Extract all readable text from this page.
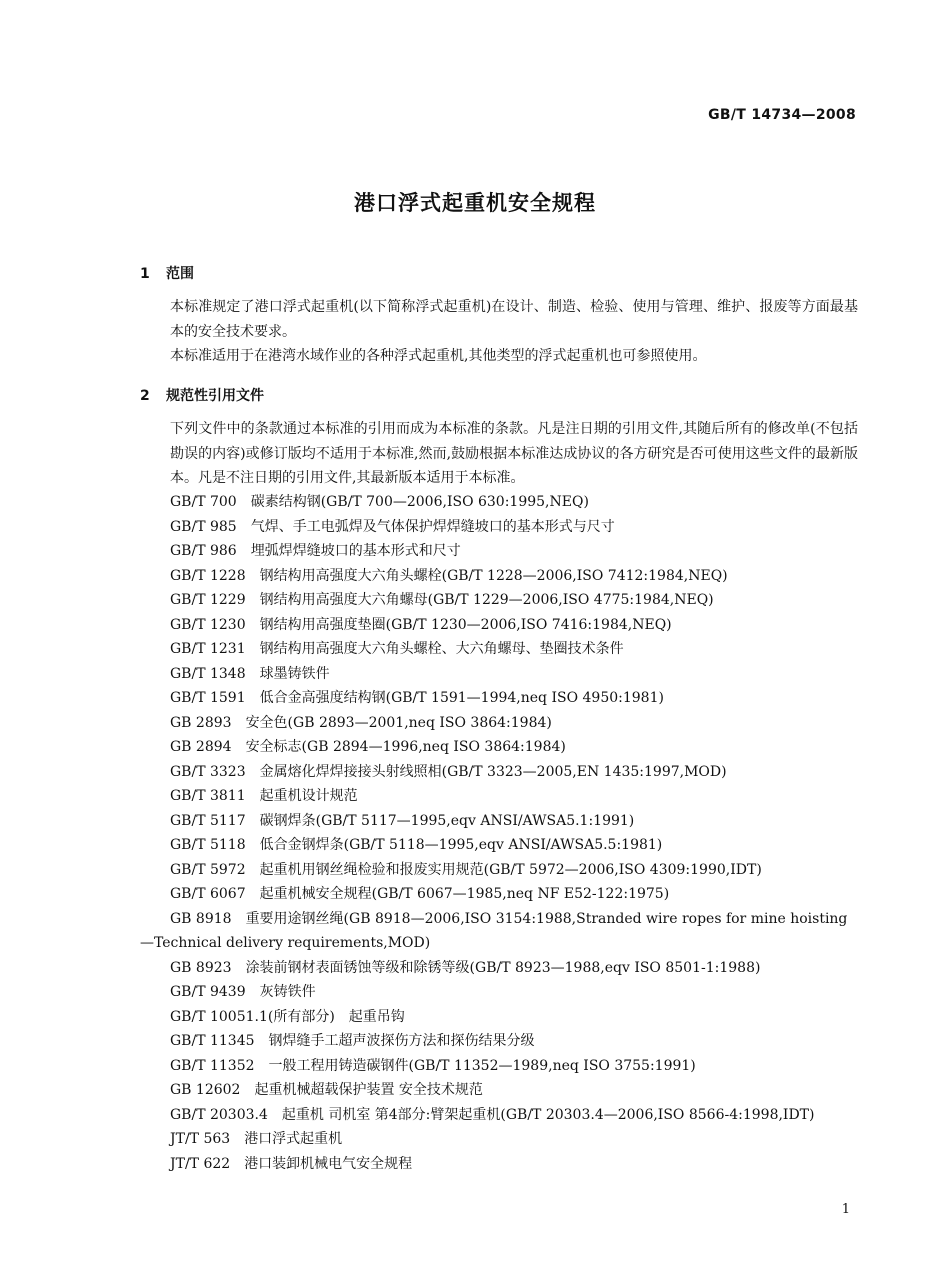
GB/T 14734—2008
港口浮式起重机安全规程
1 范围
本标准规定了港口浮式起重机(以下简称浮式起重机)在设计、制造、检验、使用与管理、维护、报废等方面最基本的安全技术要求。
本标准适用于在港湾水域作业的各种浮式起重机,其他类型的浮式起重机也可参照使用。
2 规范性引用文件
下列文件中的条款通过本标准的引用而成为本标准的条款。凡是注日期的引用文件,其随后所有的修改单(不包括勘误的内容)或修订版均不适用于本标准,然而,鼓励根据本标准达成协议的各方研究是否可使用这些文件的最新版本。凡是不注日期的引用文件,其最新版本适用于本标准。
GB/T 700 碳素结构钢(GB/T 700—2006,ISO 630:1995,NEQ)
GB/T 985 气焊、手工电弧焊及气体保护焊焊缝坡口的基本形式与尺寸
GB/T 986 埋弧焊焊缝坡口的基本形式和尺寸
GB/T 1228 钢结构用高强度大六角头螺栓(GB/T 1228—2006,ISO 7412:1984,NEQ)
GB/T 1229 钢结构用高强度大六角螺母(GB/T 1229—2006,ISO 4775:1984,NEQ)
GB/T 1230 钢结构用高强度垫圈(GB/T 1230—2006,ISO 7416:1984,NEQ)
GB/T 1231 钢结构用高强度大六角头螺栓、大六角螺母、垫圈技术条件
GB/T 1348 球墨铸铁件
GB/T 1591 低合金高强度结构钢(GB/T 1591—1994,neq ISO 4950:1981)
GB 2893 安全色(GB 2893—2001,neq ISO 3864:1984)
GB 2894 安全标志(GB 2894—1996,neq ISO 3864:1984)
GB/T 3323 金属熔化焊焊接接头射线照相(GB/T 3323—2005,EN 1435:1997,MOD)
GB/T 3811 起重机设计规范
GB/T 5117 碳钢焊条(GB/T 5117—1995,eqv ANSI/AWSA5.1:1991)
GB/T 5118 低合金钢焊条(GB/T 5118—1995,eqv ANSI/AWSA5.5:1981)
GB/T 5972 起重机用钢丝绳检验和报废实用规范(GB/T 5972—2006,ISO 4309:1990,IDT)
GB/T 6067 起重机械安全规程(GB/T 6067—1985,neq NF E52-122:1975)
GB 8918 重要用途钢丝绳(GB 8918—2006,ISO 3154:1988,Stranded wire ropes for mine hoisting—Technical delivery requirements,MOD)
GB 8923 涂装前钢材表面锈蚀等级和除锈等级(GB/T 8923—1988,eqv ISO 8501-1:1988)
GB/T 9439 灰铸铁件
GB/T 10051.1(所有部分) 起重吊钩
GB/T 11345 钢焊缝手工超声波探伤方法和探伤结果分级
GB/T 11352 一般工程用铸造碳钢件(GB/T 11352—1989,neq ISO 3755:1991)
GB 12602 起重机械超载保护装置 安全技术规范
GB/T 20303.4 起重机 司机室 第4部分:臂架起重机(GB/T 20303.4—2006,ISO 8566-4:1998,IDT)
JT/T 563 港口浮式起重机
JT/T 622 港口装卸机械电气安全规程
1
